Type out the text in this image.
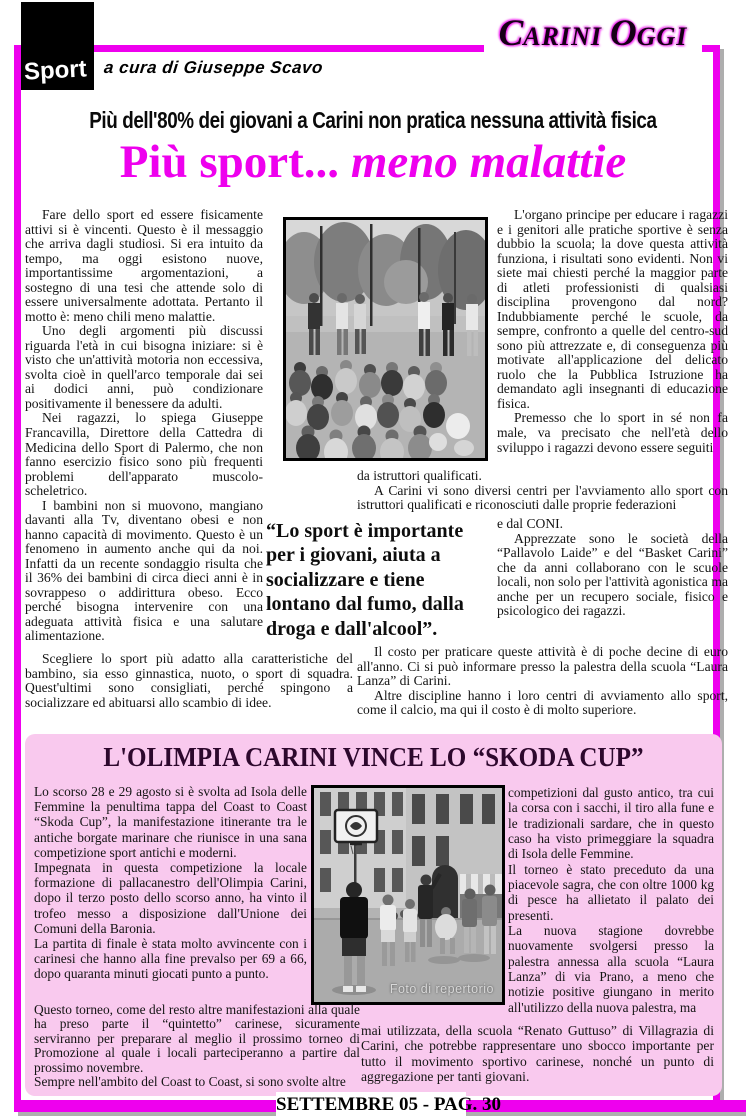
Sport a cura di Giuseppe Scavo
CARINI OGGI
Più dell'80% dei giovani a Carini non pratica nessuna attività fisica
Più sport... meno malattie

Fare dello sport ed essere fisicamente attivi si è vincenti. Questo è il messaggio che arriva dagli studiosi. Si era intuito da tempo, ma oggi esistono nuove, importantissime argomentazioni, a sostegno di una tesi che attende solo di essere universalmente adottata. Pertanto il motto è: meno chili meno malattie.

Uno degli argomenti più discussi riguarda l'età in cui bisogna iniziare: si è visto che un'attività motoria non eccessiva, svolta cioè in quell'arco temporale dai sei ai dodici anni, può condizionare positivamente il benessere da adulti.

Nei ragazzi, lo spiega Giuseppe Francavilla, Direttore della Cattedra di Medicina dello Sport di Palermo, che non fanno esercizio fisico sono più frequenti problemi dell'apparato muscolo-scheletrico.

I bambini non si muovono, mangiano davanti alla Tv, diventano obesi e non hanno capacità di movimento. Questo è un fenomeno in aumento anche qui da noi. Infatti da un recente sondaggio risulta che il 36% dei bambini di circa dieci anni è in sovrappeso o addirittura obeso. Ecco perché bisogna intervenire con una adeguata attività fisica e una salutare alimentazione.

L'organo principe per educare i ragazzi e i genitori alle pratiche sportive è senza dubbio la scuola; la dove questa attività funziona, i risultati sono evidenti. Non vi siete mai chiesti perché la maggior parte di atleti professionisti di qualsiasi disciplina provengono dal nord? Indubbiamente perché le scuole, da sempre, confronto a quelle del centro-sud sono più attrezzate e, di conseguenza più motivate all'applicazione del delicato ruolo che la Pubblica Istruzione ha demandato agli insegnanti di educazione fisica.

Premesso che lo sport in sé non fa male, va precisato che nell'età dello sviluppo i ragazzi devono essere seguiti

da istruttori qualificati.

A Carini vi sono diversi centri per l'avviamento allo sport con istruttori qualificati e riconosciuti dalle proprie federazioni

“Lo sport è importante per i giovani, aiuta a socializzare e tiene lontano dal fumo, dalla droga e dall'alcool”.

e dal CONI.

Apprezzate sono le società della “Pallavolo Laide” e del “Basket Carini” che da anni collaborano con le scuole locali, non solo per l'attività agonistica ma anche per un recupero sociale, fisico e psicologico dei ragazzi.

Scegliere lo sport più adatto alla caratteristiche del bambino, sia esso ginnastica, nuoto, o sport di squadra. Quest'ultimi sono consigliati, perché spingono a socializzare ed abituarsi allo scambio di idee.

Il costo per praticare queste attività è di poche decine di euro all'anno. Ci si può informare presso la palestra della scuola “Laura Lanza” di Carini.

Altre discipline hanno i loro centri di avviamento allo sport, come il calcio, ma qui il costo è di molto superiore.

L'OLIMPIA CARINI VINCE LO “SKODA CUP”

Lo scorso 28 e 29 agosto si è svolta ad Isola delle Femmine la penultima tappa del Coast to Coast “Skoda Cup”, la manifestazione itinerante tra le antiche borgate marinare che riunisce in una sana competizione sport antichi e moderni.

Impegnata in questa competizione la locale formazione di pallacanestro dell'Olimpia Carini, dopo il terzo posto dello scorso anno, ha vinto il trofeo messo a disposizione dall'Unione dei Comuni della Baronia.

La partita di finale è stata molto avvincente con i carinesi che hanno alla fine prevalso per 69 a 66, dopo quaranta minuti giocati punto a punto.

Foto di repertorio

competizioni dal gusto antico, tra cui la corsa con i sacchi, il tiro alla fune e le tradizionali sardare, che in questo caso ha visto primeggiare la squadra di Isola delle Femmine.

Il torneo è stato preceduto da una piacevole sagra, che con oltre 1000 kg di pesce ha allietato il palato dei presenti.

La nuova stagione dovrebbe nuovamente svolgersi presso la palestra annessa alla scuola “Laura Lanza” di via Prano, a meno che notizie positive giungano in merito all'utilizzo della nuova palestra, ma

Questo torneo, come del resto altre manifestazioni alla quale ha preso parte il “quintetto” carinese, sicuramente serviranno per preparare al meglio il prossimo torneo di Promozione al quale i locali parteciperanno a partire dal prossimo novembre.

Sempre nell'ambito del Coast to Coast, si sono svolte altre

mai utilizzata, della scuola “Renato Guttuso” di Villagrazia di Carini, che potrebbe rappresentare uno sbocco importante per tutto il movimento sportivo carinese, nonché un punto di aggregazione per tanti giovani.

SETTEMBRE 05 - PAG. 30
